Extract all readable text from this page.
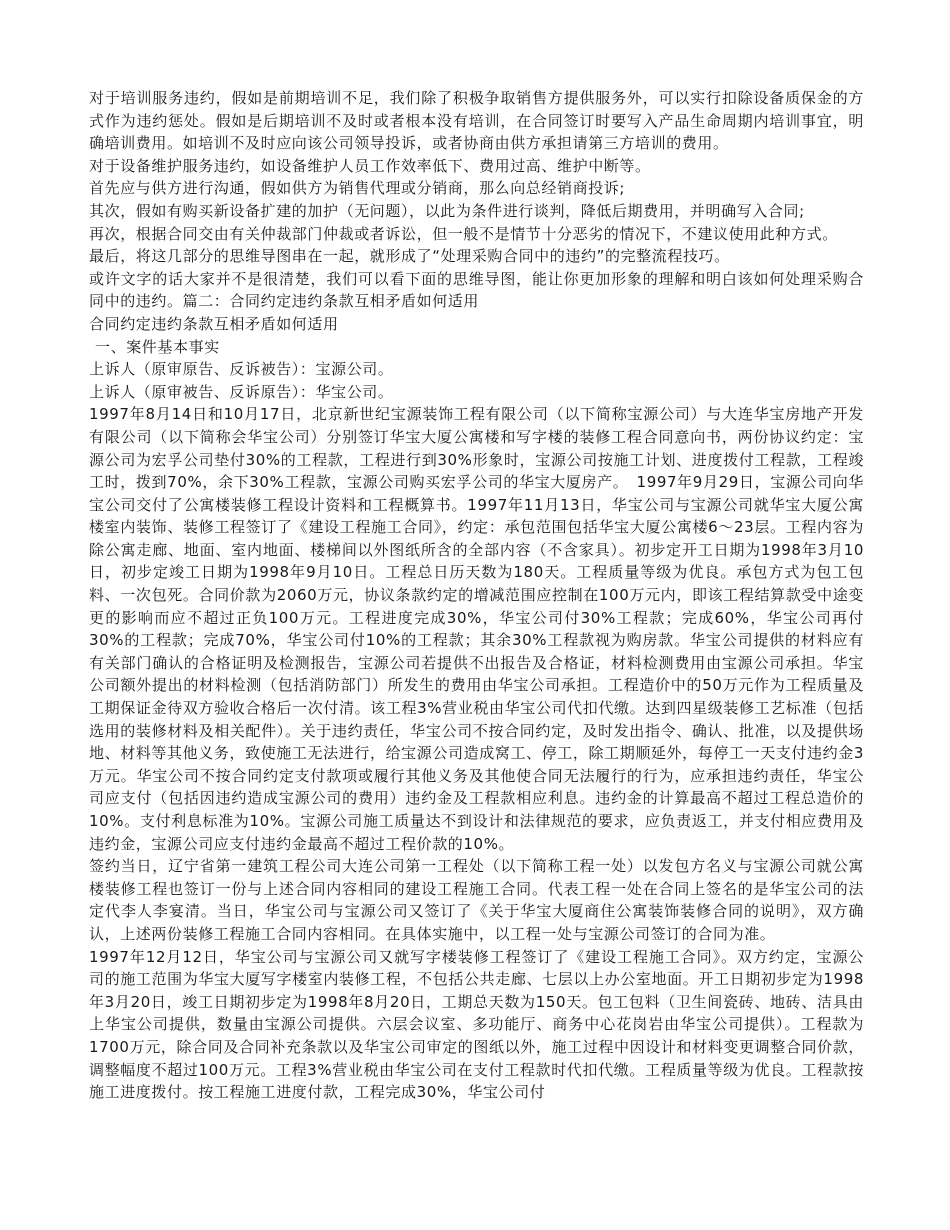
对于培训服务违约，假如是前期培训不足，我们除了积极争取销售方提供服务外，可以实行扣除设备质保金的方式作为违约惩处。假如是后期培训不及时或者根本没有培训，在合同签订时要写入产品生命周期内培训事宜，明确培训费用。如培训不及时应向该公司领导投诉，或者协商由供方承担请第三方培训的费用。

对于设备维护服务违约，如设备维护人员工作效率低下、费用过高、维护中断等。

首先应与供方进行沟通，假如供方为销售代理或分销商，那么向总经销商投诉;

其次，假如有购买新设备扩建的加护（无问题），以此为条件进行谈判，降低后期费用，并明确写入合同;

再次，根据合同交由有关仲裁部门仲裁或者诉讼，但一般不是情节十分恶劣的情况下，不建议使用此种方式。

最后，将这几部分的思维导图串在一起，就形成了“处理采购合同中的违约”的完整流程技巧。

或许文字的话大家并不是很清楚，我们可以看下面的思维导图，能让你更加形象的理解和明白该如何处理采购合同中的违约。篇二：合同约定违约条款互相矛盾如何适用

合同约定违约条款互相矛盾如何适用

一、案件基本事实

上诉人（原审原告、反诉被告）：宝源公司。

上诉人（原审被告、反诉原告）：华宝公司。

1997年8月14日和10月17日，北京新世纪宝源装饰工程有限公司（以下简称宝源公司）与大连华宝房地产开发有限公司（以下简称会华宝公司）分别签订华宝大厦公寓楼和写字楼的装修工程合同意向书，两份协议约定：宝源公司为宏孚公司垫付30%的工程款，工程进行到30%形象时，宝源公司按施工计划、进度拨付工程款，工程竣工时，拨到70%，余下30%工程款，宝源公司购买宏孚公司的华宝大厦房产。　1997年9月29日，宝源公司向华宝公司交付了公寓楼装修工程设计资料和工程概算书。1997年11月13日，华宝公司与宝源公司就华宝大厦公寓楼室内装饰、装修工程签订了《建设工程施工合同》，约定：承包范围包括华宝大厦公寓楼6～23层。工程内容为除公寓走廊、地面、室内地面、楼梯间以外图纸所含的全部内容（不含家具）。初步定开工日期为1998年3月10日，初步定竣工日期为1998年9月10日。工程总日历天数为180天。工程质量等级为优良。承包方式为包工包料、一次包死。合同价款为2060万元，协议条款约定的增减范围应控制在100万元内，即该工程结算款受中途变更的影响而应不超过正负100万元。工程进度完成30%，华宝公司付30%工程款；完成60%，华宝公司再付30%的工程款；完成70%，华宝公司付10%的工程款；其余30%工程款视为购房款。华宝公司提供的材料应有有关部门确认的合格证明及检测报告，宝源公司若提供不出报告及合格证，材料检测费用由宝源公司承担。华宝公司额外提出的材料检测（包括消防部门）所发生的费用由华宝公司承担。工程造价中的50万元作为工程质量及工期保证金待双方验收合格后一次付清。该工程3%营业税由华宝公司代扣代缴。达到四星级装修工艺标准（包括选用的装修材料及相关配件）。关于违约责任，华宝公司不按合同约定，及时发出指令、确认、批准，以及提供场地、材料等其他义务，致使施工无法进行，给宝源公司造成窝工、停工，除工期顺延外，每停工一天支付违约金3万元。华宝公司不按合同约定支付款项或履行其他义务及其他使合同无法履行的行为，应承担违约责任，华宝公司应支付（包括因违约造成宝源公司的费用）违约金及工程款相应利息。违约金的计算最高不超过工程总造价的10%。支付利息标准为10%。宝源公司施工质量达不到设计和法律规范的要求，应负责返工，并支付相应费用及违约金，宝源公司应支付违约金最高不超过工程价款的10%。

签约当日，辽宁省第一建筑工程公司大连公司第一工程处（以下简称工程一处）以发包方名义与宝源公司就公寓楼装修工程也签订一份与上述合同内容相同的建设工程施工合同。代表工程一处在合同上签名的是华宝公司的法定代李人李宴清。当日，华宝公司与宝源公司又签订了《关于华宝大厦商住公寓装饰装修合同的说明》，双方确认，上述两份装修工程施工合同内容相同。在具体实施中，以工程一处与宝源公司签订的合同为准。

1997年12月12日，华宝公司与宝源公司又就写字楼装修工程签订了《建设工程施工合同》。双方约定，宝源公司的施工范围为华宝大厦写字楼室内装修工程，不包括公共走廊、七层以上办公室地面。开工日期初步定为1998年3月20日，竣工日期初步定为1998年8月20日，工期总天数为150天。包工包料（卫生间瓷砖、地砖、洁具由上华宝公司提供，数量由宝源公司提供。六层会议室、多功能厅、商务中心花岗岩由华宝公司提供）。工程款为1700万元，除合同及合同补充条款以及华宝公司审定的图纸以外，施工过程中因设计和材料变更调整合同价款，调整幅度不超过100万元。工程3%营业税由华宝公司在支付工程款时代扣代缴。工程质量等级为优良。工程款按施工进度拨付。按工程施工进度付款，工程完成30%，华宝公司付
